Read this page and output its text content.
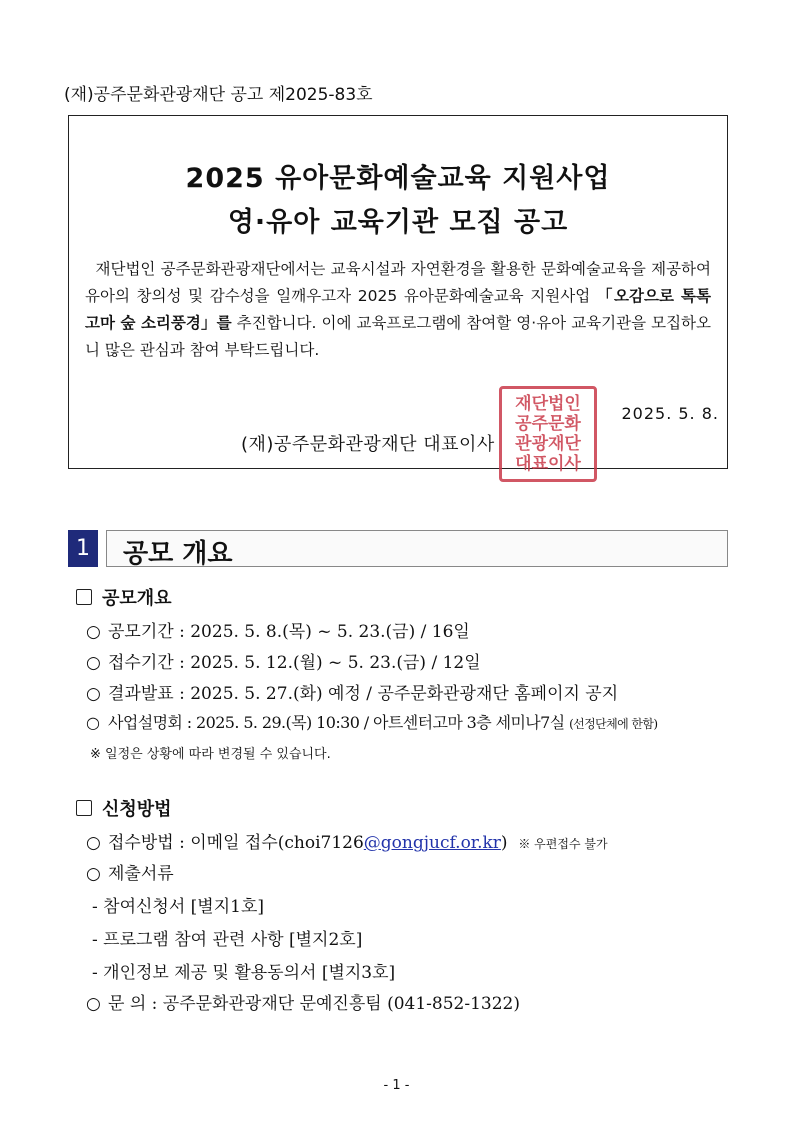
(재)공주문화관광재단 공고 제2025-83호
2025 유아문화예술교육 지원사업
영·유아 교육기관 모집 공고
재단법인 공주문화관광재단에서는 교육시설과 자연환경을 활용한 문화예술교육을 제공하여 유아의 창의성 및 감수성을 일깨우고자 2025 유아문화예술교육 지원사업 「오감으로 톡톡 고마 숲 소리풍경」를 추진합니다. 이에 교육프로그램에 참여할 영·유아 교육기관을 모집하오니 많은 관심과 참여 부탁드립니다.
2025. 5. 8.
(재)공주문화관광재단 대표이사
재단법인
공주문화
관광재단
대표이사
1	공모 개요
공모개요
○ 공모기간 : 2025. 5. 8.(목) ~ 5. 23.(금) / 16일
○ 접수기간 : 2025. 5. 12.(월) ~ 5. 23.(금) / 12일
○ 결과발표 : 2025. 5. 27.(화) 예정 / 공주문화관광재단 홈페이지 공지
○ 사업설명회 : 2025. 5. 29.(목) 10:30 / 아트센터고마 3층 세미나7실 (선정단체에 한함)
※ 일정은 상황에 따라 변경될 수 있습니다.
신청방법
○ 접수방법 : 이메일 접수(choi7126@gongjucf.or.kr) ※ 우편접수 불가
○ 제출서류
- 참여신청서 [별지1호]
- 프로그램 참여 관련 사항 [별지2호]
- 개인정보 제공 및 활용동의서 [별지3호]
○ 문 의 : 공주문화관광재단 문예진흥팀 (041-852-1322)
- 1 -
